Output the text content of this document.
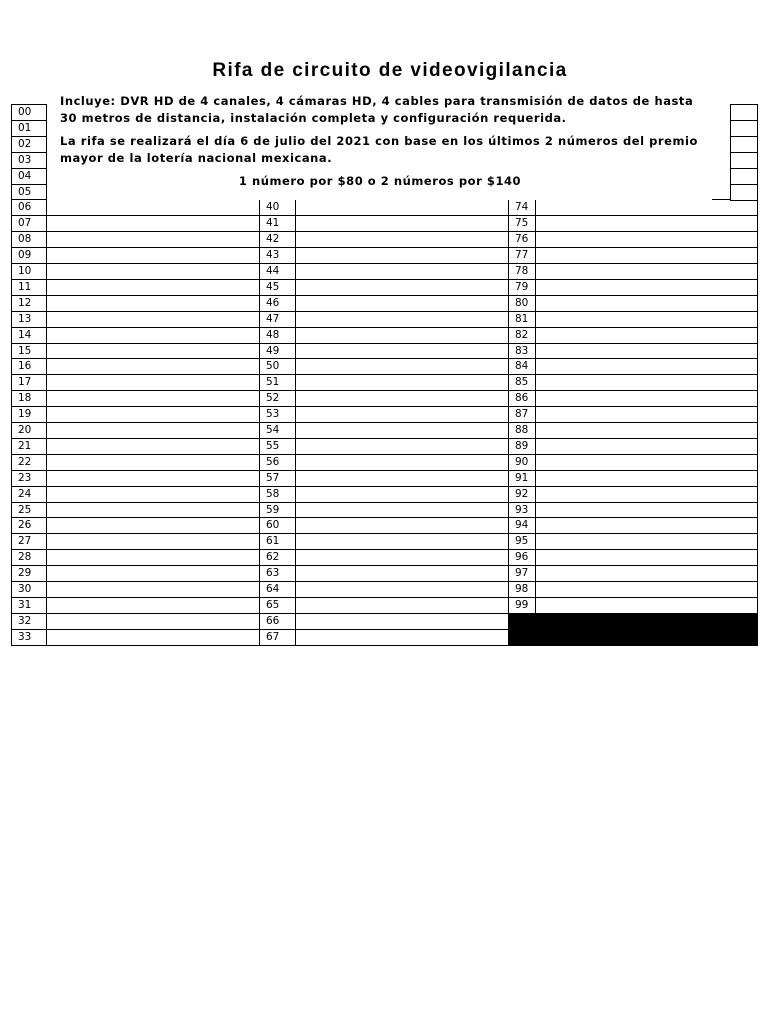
Rifa de circuito de videovigilancia
00
01
02
03
04
05
06
07
08
09
10
11
12
13
14
15
16
17
18
19
20
21
22
23
24
25
26
27
28
29
30
31
32
33
40
41
42
43
44
45
46
47
48
49
50
51
52
53
54
55
56
57
58
59
60
61
62
63
64
65
66
67
74
75
76
77
78
79
80
81
82
83
84
85
86
87
88
89
90
91
92
93
94
95
96
97
98
99

Incluye: DVR HD de 4 canales, 4 cámaras HD, 4 cables para transmisión de datos de hasta 30 metros de distancia, instalación completa y configuración requerida.

La rifa se realizará el día 6 de julio del 2021 con base en los últimos 2 números del premio mayor de la lotería nacional mexicana.

1 número por $80 o 2 números por $140
